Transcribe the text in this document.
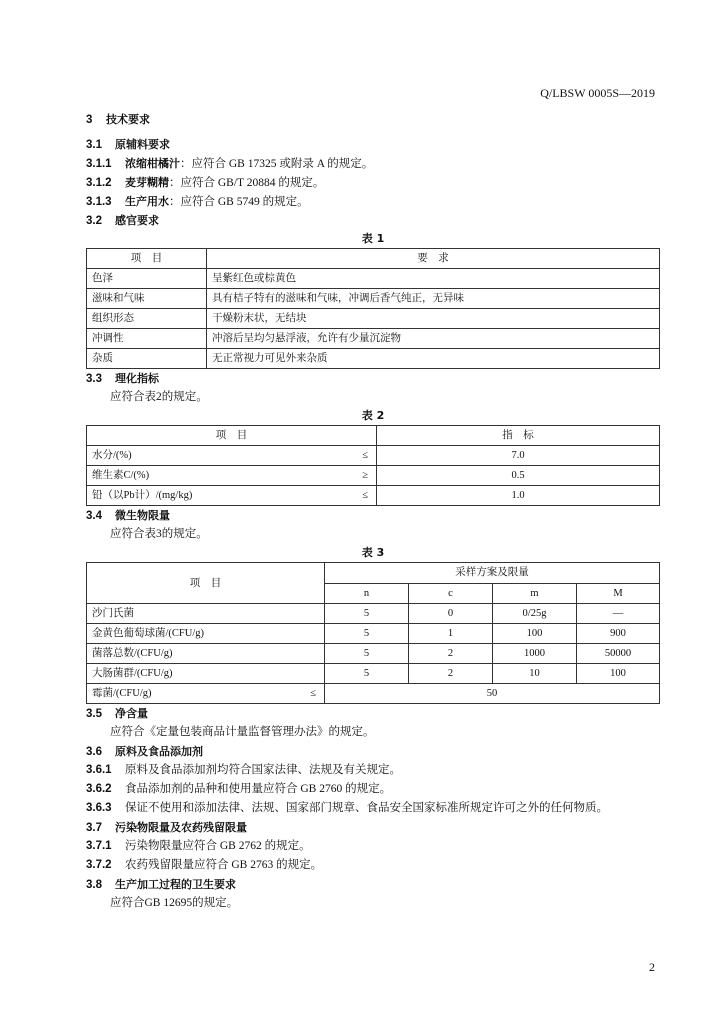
Q/LBSW 0005S—2019
3 技术要求
3.1 原辅料要求
3.1.1 浓缩柑橘汁：应符合 GB 17325 或附录 A 的规定。
3.1.2 麦芽糊精：应符合 GB/T 20884 的规定。
3.1.3 生产用水：应符合 GB 5749 的规定。
3.2 感官要求
表 1
项　目	要　求
色泽	呈紫红色或棕黄色
滋味和气味	具有桔子特有的滋味和气味，冲调后香气纯正，无异味
组织形态	干燥粉末状，无结块
冲调性	冲溶后呈均匀悬浮液，允许有少量沉淀物
杂质	无正常视力可见外来杂质
3.3 理化指标
应符合表2的规定。
表 2
项　目	指　标
水分/(%) ≤	7.0
维生素C/(%) ≥	0.5
铅（以Pb计）/(mg/kg) ≤	1.0
3.4 微生物限量
应符合表3的规定。
表 3
项　目	采样方案及限量			
	n	c	m	M
沙门氏菌	5	0	0/25g	—
金黄色葡萄球菌/(CFU/g)	5	1	100	900
菌落总数/(CFU/g)	5	2	1000	50000
大肠菌群/(CFU/g)	5	2	10	100
霉菌/(CFU/g) ≤	50			
3.5 净含量
应符合《定量包装商品计量监督管理办法》的规定。
3.6 原料及食品添加剂
3.6.1 原料及食品添加剂均符合国家法律、法规及有关规定。
3.6.2 食品添加剂的品种和使用量应符合 GB 2760 的规定。
3.6.3 保证不使用和添加法律、法规、国家部门规章、食品安全国家标准所规定许可之外的任何物质。
3.7 污染物限量及农药残留限量
3.7.1 污染物限量应符合 GB 2762 的规定。
3.7.2 农药残留限量应符合 GB 2763 的规定。
3.8 生产加工过程的卫生要求
应符合GB 12695的规定。
2
